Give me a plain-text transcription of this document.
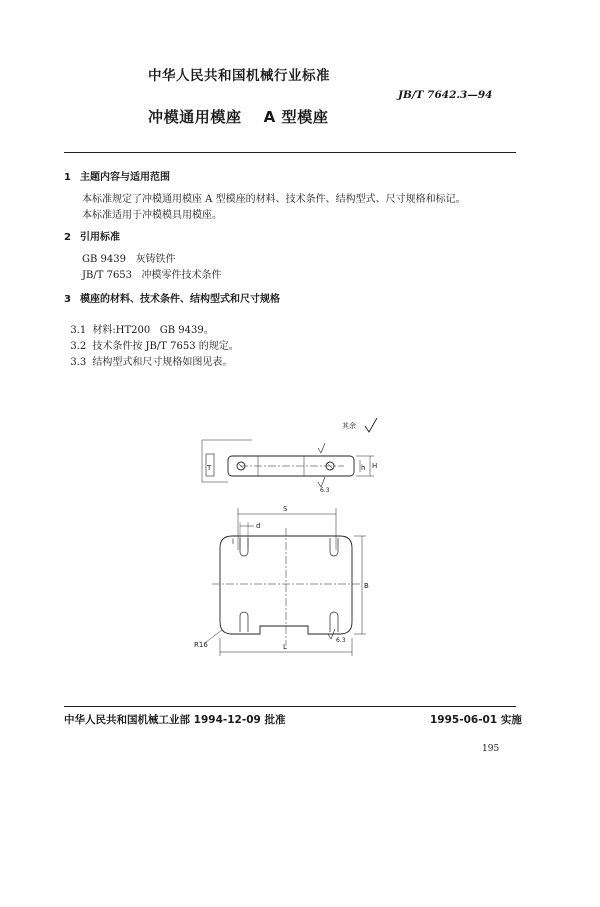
中华人民共和国机械行业标准
JB/T 7642.3—94
冲模通用模座 A 型模座
1 主题内容与适用范围
本标准规定了冲模通用模座 A 型模座的材料、技术条件、结构型式、尺寸规格和标记。
本标准适用于冲模模具用模座。
2 引用标准
GB 9439   灰铸铁件
JB/T 7653   冲模零件技术条件
3 模座的材料、技术条件、结构型式和尺寸规格

3.1 材料:HT200   GB 9439。

3.2 技术条件按 JB/T 7653 的规定。

3.3 结构型式和尺寸规格如图见表。

其余
T	H
h
S
d
l
B
L
R16
6.3
6.3
中华人民共和国机械工业部 1994-12-09 批准	1995-06-01 实施
195
